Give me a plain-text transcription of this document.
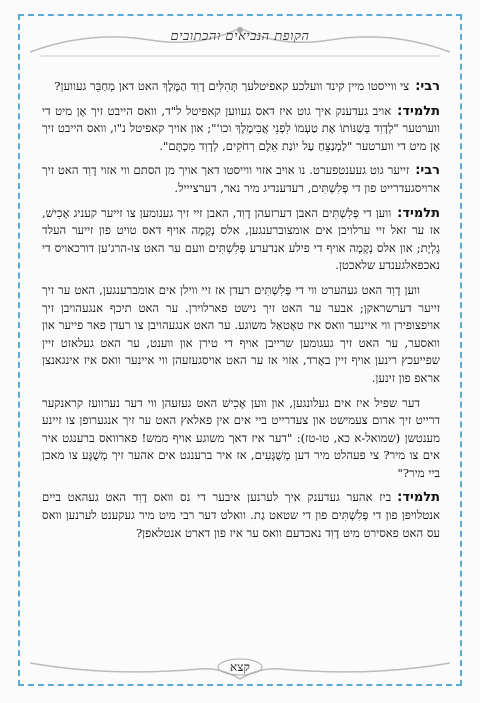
הקופת הנביאים והכתובים

רבי:צי ווייסטו מיין קינד וועלכע קאפיטלעך תְּהִלִּים דָוִד הַמֶּלֶךְ האט דאן מְחַבֵּר געווען?

תלמיד:אויב געדענק איך גוט איז דאס געווען קאפיטל ל"ד, וואס הייבט זיך אָן מיט די ווערטער "לְדָוִד בְּשַׁנּוֹתוֹ אֶת טַעְמוֹ לִפְנֵי אֲבִימֶלֶךְ וכו'"; און אויך קאפיטל נ"ו, וואס הייבט זיך אָן מיט די ווערטער "לַמְנַצֵּחַ עַל יוֹנַת אֵלֶם רְחֹקִים, לְדָוִד מִכְתָּם".

רבי:זייער גוט געענטפערט. נו אויב אזוי ווייסטו דאך אויך מן הסתם ווי אזוי דָוִד האט זיך ארויסגעדרייט פון די פְּלִשְׁתִּים, רעדענדיג מיר נאר, דערציייל.

תלמיד:ווען די פְּלִשְׁתִּים האבן דערזעהן דָוִד, האבן זיי זיך גענומען צו זייער קעניג אָכִישׁ, אז ער זאל זיי ערלויבן אים אומצוברענגען, אלס נְקָמָה אויף דאס טויט פון זייער העלד גָלְיָת; און אלס נְקָמָה אויף די פילע אנדערע פְּלִשְׁתִּים וועם ער האט צו-הרג'ען דורכאויס די נאכפאלגענדע שלאכטן.

ווען דָוִד האט געהערט ווי די פְּלִשְׁתִּים רעדן אז זיי ווילן אים אומברענגען, האט ער זיך זייער דערשראקן; אבער ער האט זיך נישט פארלוירן. ער האט תיכף אנגעהויבן זיך אויפצופירן ווי איינער וואס איז טאָטאַל משוגע. ער האט אנגעהויבן צו רעדן פאר פייער און וואסער, ער האט זיך געגומען שרייבן אויף די טירן און ווענט, ער האט געלאזט זיין שפייעכץ רינען אויף זיין באָרד, אזוי אז ער האט אויסגעזעהן ווי איינער וואס איז אינגאנצן אראפ פון זינען.

דער שפיל איז אים געלונגען, און ווען אָכִישׁ האט געזעהן ווי דער נערוועז קראנקער דרייט זיך ארום צעמישט און צעדרייט ביי אים אין פאלאץ האט ער זיך אנגערופן צו זיינע מענטשן (שמואל-א כא, טו-טז): "דער איז דאך משוגע אויף ממש! פארוואס ברענגט איר אים צו מיר? צי פעהלט מיר דען מְשֻׁגָּעִים, אז איר ברענגט אים אהער זיך מְשֻׁגָּע צו מאכן ביי מיר?"

תלמיד:ביז אהער געדענק איך לערנען איבער די נס וואס דָוִד האט געהאט ביים אנטלויפן פון די פְּלִשְׁתִּים פון די שטאט גַת. וואלט דער רבי מיט מיר געקענט לערנען וואס עס האט פאסירט מיט דָוִד נאכדעם וואס ער איז פון דארט אנטלאפן?

קצא
